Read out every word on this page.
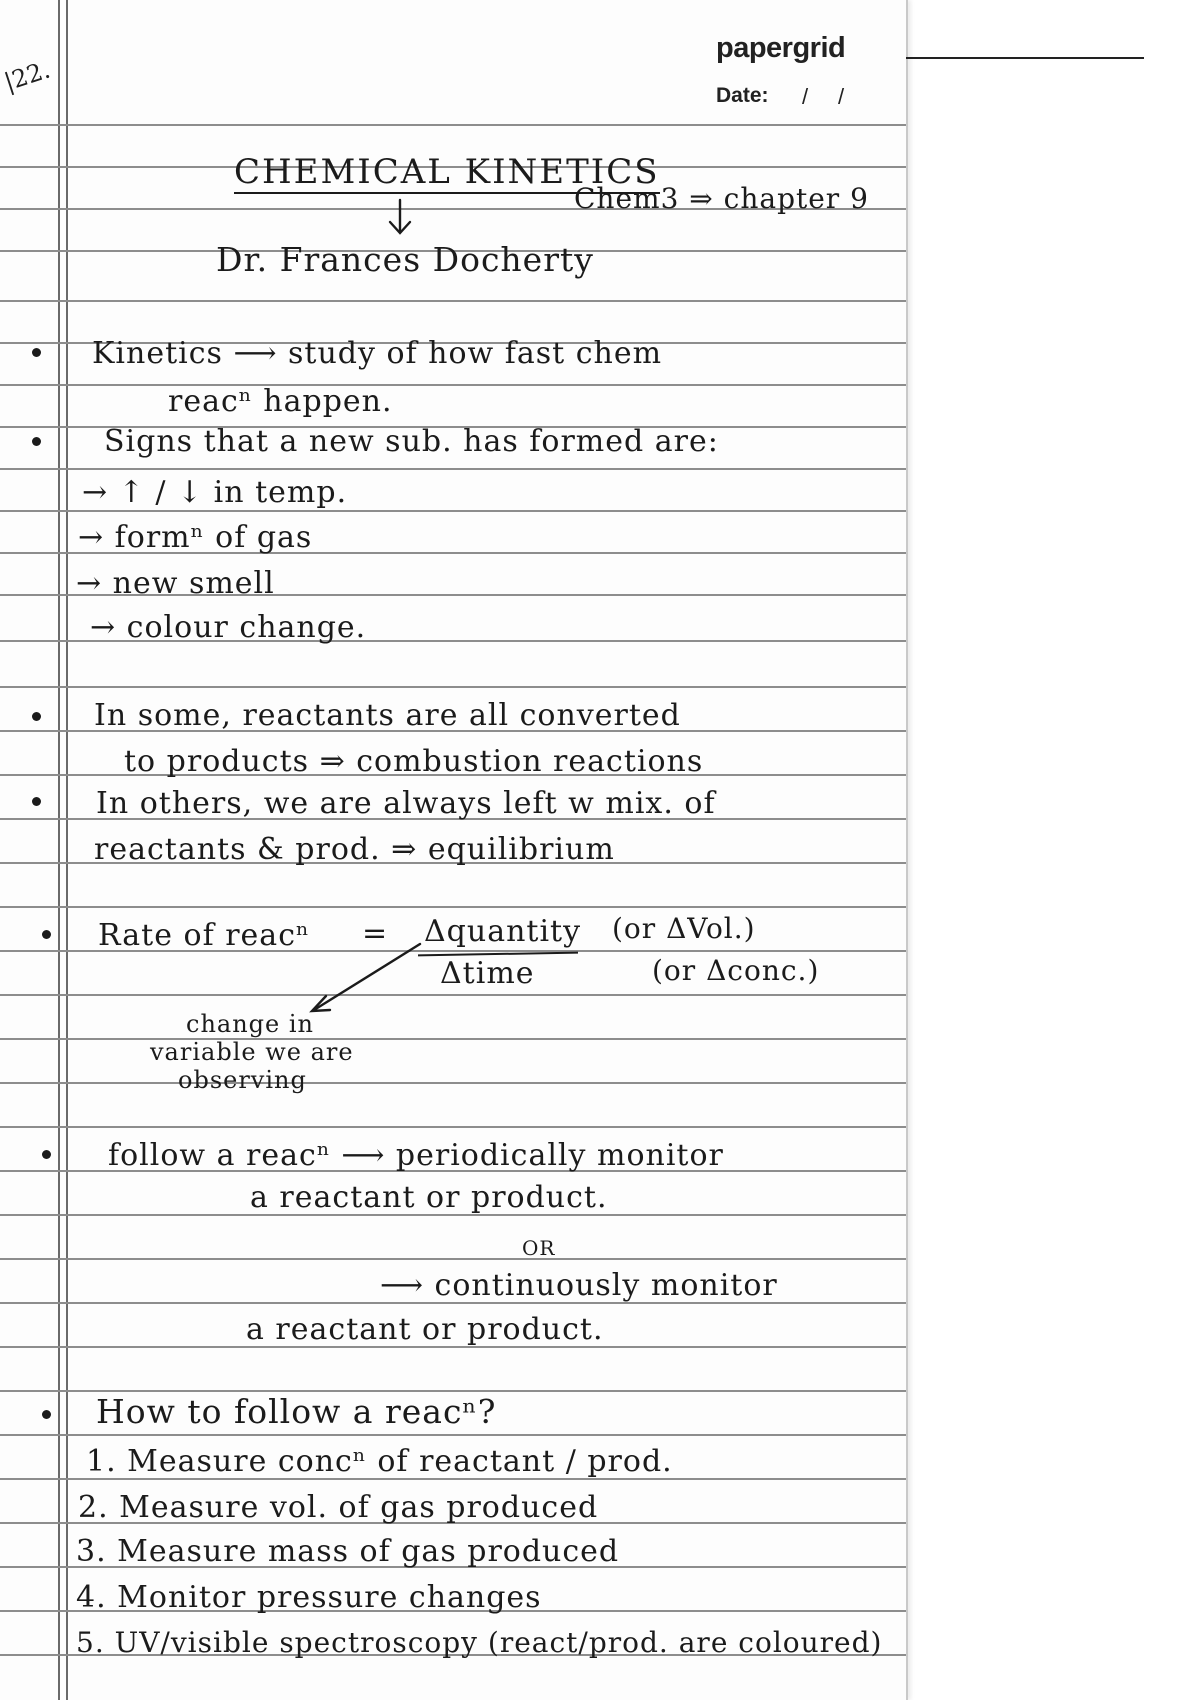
|22.
papergrid
Date: / /
CHEMICAL KINETICS
Chem3 ⇒ chapter 9
Dr. Frances Docherty
Kinetics ⟶ study of how fast chem
reacⁿ happen.
Signs that a new sub. has formed are:
→ ↑ / ↓ in temp.
→ formⁿ of gas
→ new smell
→ colour change.
In some, reactants are all converted
to products ⇒ combustion reactions
In others, we are always left w mix. of
reactants & prod. ⇒ equilibrium
Rate of reacⁿ = Δquantity
Δtime
(or ΔVol.)
(or Δconc.)
change in
variable we are
observing
follow a reacⁿ ⟶ periodically monitor
a reactant or product.
OR
⟶ continuously monitor
a reactant or product.
How to follow a reacⁿ?
1. Measure concⁿ of reactant / prod.
2. Measure vol. of gas produced
3. Measure mass of gas produced
4. Monitor pressure changes
5. UV/visible spectroscopy (react/prod. are coloured)
